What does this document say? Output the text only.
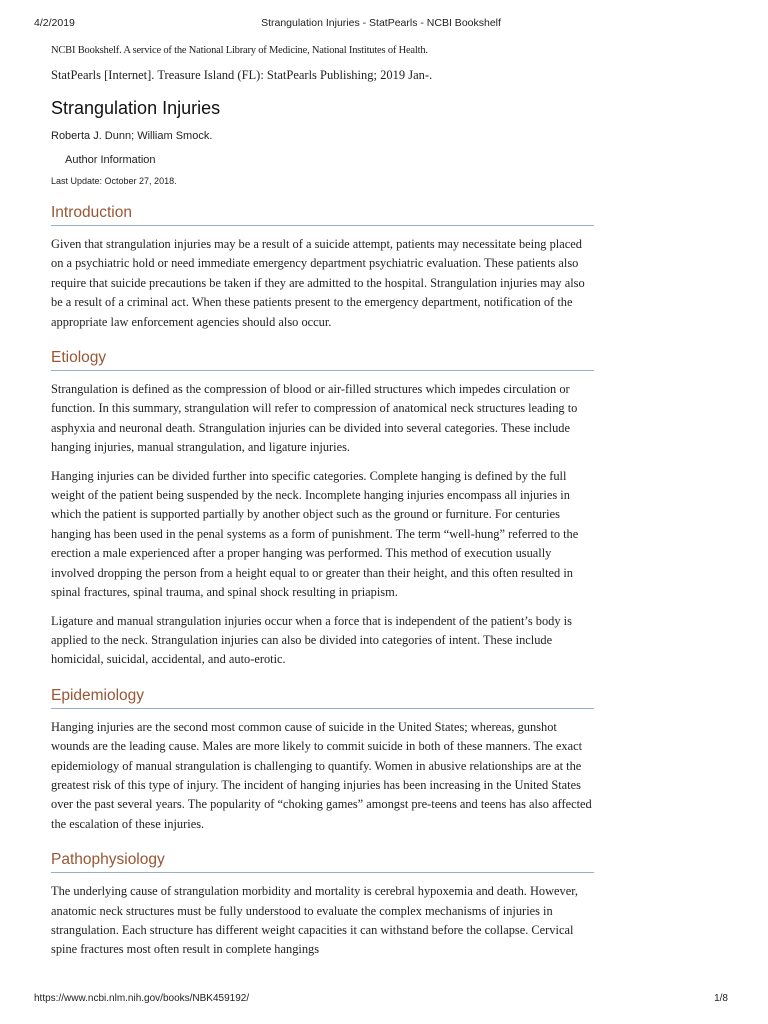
4/2/2019	Strangulation Injuries - StatPearls - NCBI Bookshelf

NCBI Bookshelf. A service of the National Library of Medicine, National Institutes of Health.

StatPearls [Internet]. Treasure Island (FL): StatPearls Publishing; 2019 Jan-.

Strangulation Injuries

Roberta J. Dunn; William Smock.

Author Information

Last Update: October 27, 2018.

Introduction

Given that strangulation injuries may be a result of a suicide attempt, patients may necessitate being placed on a psychiatric hold or need immediate emergency department psychiatric evaluation. These patients also require that suicide precautions be taken if they are admitted to the hospital. Strangulation injuries may also be a result of a criminal act. When these patients present to the emergency department, notification of the appropriate law enforcement agencies should also occur.

Etiology

Strangulation is defined as the compression of blood or air-filled structures which impedes circulation or function. In this summary, strangulation will refer to compression of anatomical neck structures leading to asphyxia and neuronal death. Strangulation injuries can be divided into several categories. These include hanging injuries, manual strangulation, and ligature injuries.

Hanging injuries can be divided further into specific categories. Complete hanging is defined by the full weight of the patient being suspended by the neck. Incomplete hanging injuries encompass all injuries in which the patient is supported partially by another object such as the ground or furniture. For centuries hanging has been used in the penal systems as a form of punishment. The term “well-hung” referred to the erection a male experienced after a proper hanging was performed. This method of execution usually involved dropping the person from a height equal to or greater than their height, and this often resulted in spinal fractures, spinal trauma, and spinal shock resulting in priapism.

Ligature and manual strangulation injuries occur when a force that is independent of the patient’s body is applied to the neck. Strangulation injuries can also be divided into categories of intent. These include homicidal, suicidal, accidental, and auto-erotic.

Epidemiology

Hanging injuries are the second most common cause of suicide in the United States; whereas, gunshot wounds are the leading cause. Males are more likely to commit suicide in both of these manners. The exact epidemiology of manual strangulation is challenging to quantify. Women in abusive relationships are at the greatest risk of this type of injury. The incident of hanging injuries has been increasing in the United States over the past several years. The popularity of “choking games” amongst pre-teens and teens has also affected the escalation of these injuries.

Pathophysiology

The underlying cause of strangulation morbidity and mortality is cerebral hypoxemia and death. However, anatomic neck structures must be fully understood to evaluate the complex mechanisms of injuries in strangulation. Each structure has different weight capacities it can withstand before the collapse. Cervical spine fractures most often result in complete hangings

https://www.ncbi.nlm.nih.gov/books/NBK459192/	1/8
